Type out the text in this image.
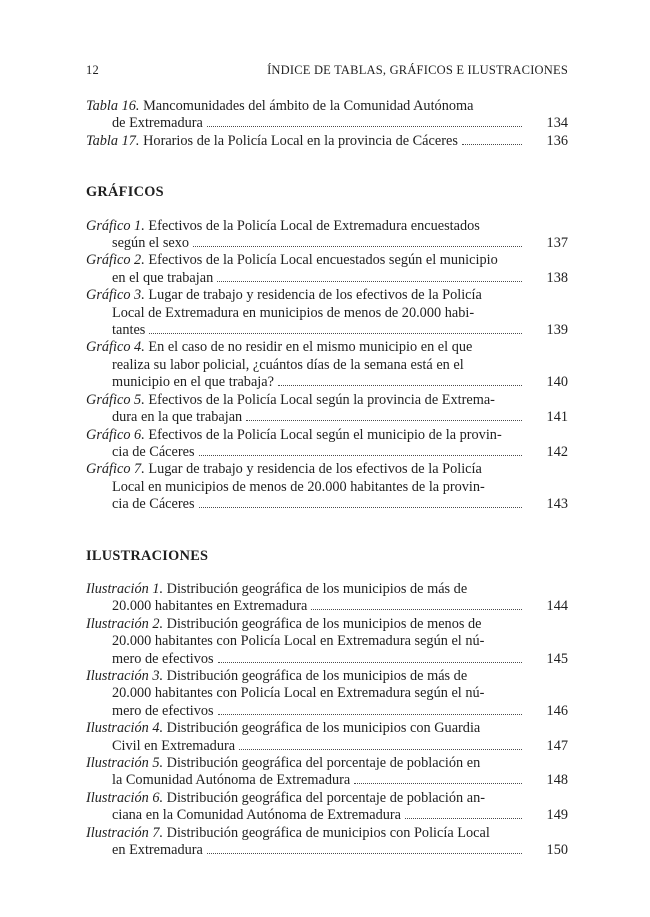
12	ÍNDICE DE TABLAS, GRÁFICOS E ILUSTRACIONES
Tabla 16. Mancomunidades del ámbito de la Comunidad Autónoma
de Extremadura	134
Tabla 17. Horarios de la Policía Local en la provincia de Cáceres	136
GRÁFICOS
Gráfico 1. Efectivos de la Policía Local de Extremadura encuestados
según el sexo	137
Gráfico 2. Efectivos de la Policía Local encuestados según el municipio
en el que trabajan	138
Gráfico 3. Lugar de trabajo y residencia de los efectivos de la Policía
Local de Extremadura en municipios de menos de 20.000 habi-
tantes	139
Gráfico 4. En el caso de no residir en el mismo municipio en el que
realiza su labor policial, ¿cuántos días de la semana está en el
municipio en el que trabaja?	140
Gráfico 5. Efectivos de la Policía Local según la provincia de Extrema-
dura en la que trabajan	141
Gráfico 6. Efectivos de la Policía Local según el municipio de la provin-
cia de Cáceres	142
Gráfico 7. Lugar de trabajo y residencia de los efectivos de la Policía
Local en municipios de menos de 20.000 habitantes de la provin-
cia de Cáceres	143
ILUSTRACIONES
Ilustración 1. Distribución geográfica de los municipios de más de
20.000 habitantes en Extremadura	144
Ilustración 2. Distribución geográfica de los municipios de menos de
20.000 habitantes con Policía Local en Extremadura según el nú-
mero de efectivos	145
Ilustración 3. Distribución geográfica de los municipios de más de
20.000 habitantes con Policía Local en Extremadura según el nú-
mero de efectivos	146
Ilustración 4. Distribución geográfica de los municipios con Guardia
Civil en Extremadura	147
Ilustración 5. Distribución geográfica del porcentaje de población en
la Comunidad Autónoma de Extremadura	148
Ilustración 6. Distribución geográfica del porcentaje de población an-
ciana en la Comunidad Autónoma de Extremadura	149
Ilustración 7. Distribución geográfica de municipios con Policía Local
en Extremadura	150
